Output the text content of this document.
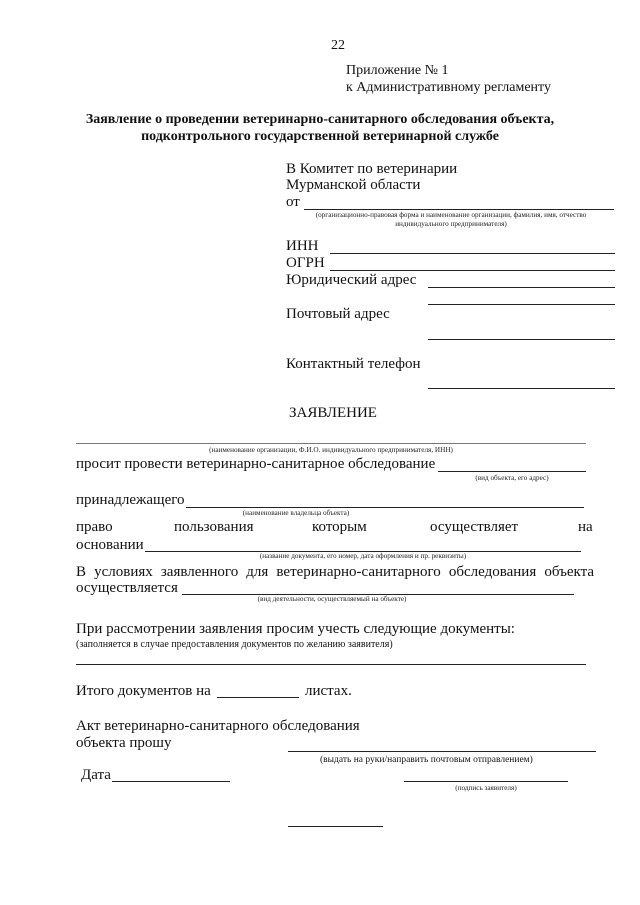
22
Приложение № 1
к Административному регламенту
Заявление о проведении ветеринарно-санитарного обследования объекта,
подконтрольного государственной ветеринарной службе
В Комитет по ветеринарии
Мурманской области
от
(организационно-правовая форма и наименование организации, фамилия, имя, отчество
индивидуального предпринимателя)
ИНН
ОГРН
Юридический адрес
Почтовый адрес
Контактный телефон
ЗАЯВЛЕНИЕ
(наименование организации, Ф.И.О. индивидуального предпринимателя, ИНН)
просит провести ветеринарно-санитарное обследование
(вид объекта, его адрес)
принадлежащего
(наименование владельца объекта)
право	пользования	которым	осуществляет	на
основании
(название документа, его номер, дата оформления и пр. реквизиты)
В условиях заявленного для ветеринарно-санитарного обследования объекта
осуществляется
(вид деятельности, осуществляемый на объекте)
При рассмотрении заявления просим учесть следующие документы:
(заполняется в случае предоставления документов по желанию заявителя)
Итого документов на	листах.
Акт ветеринарно-санитарного обследования
объекта прошу
(выдать на руки/направить почтовым отправлением)
Дата
(подпись заявителя)
